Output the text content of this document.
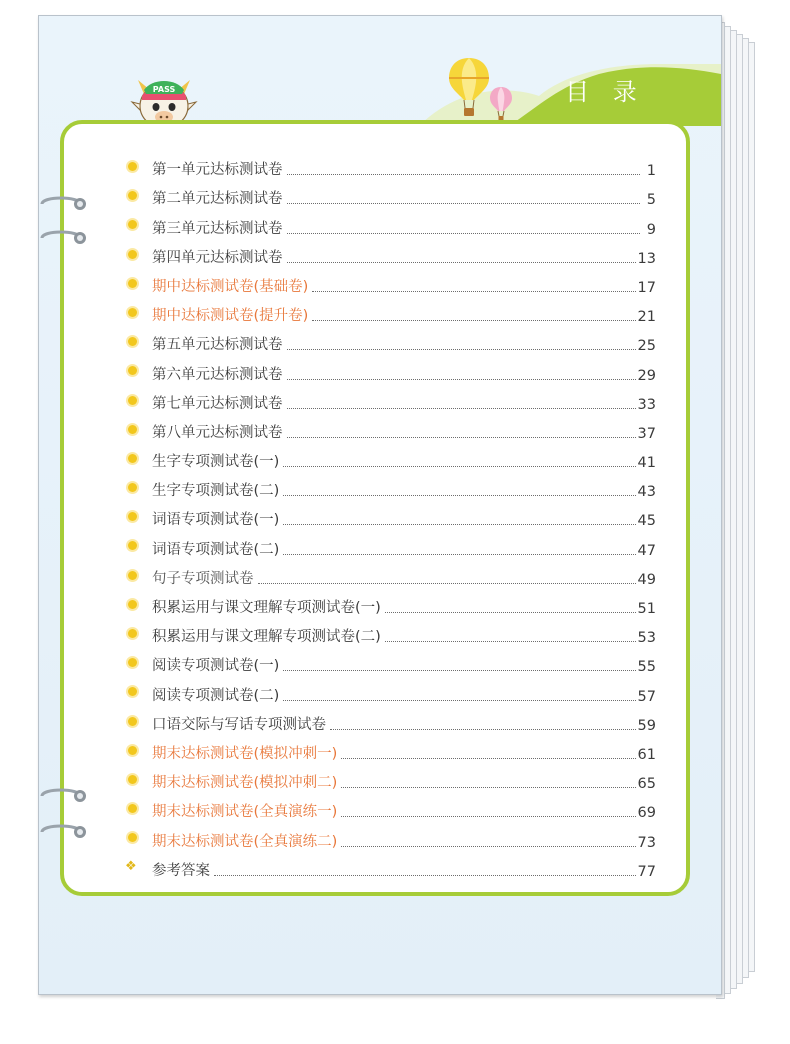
目 录
PASS
第一单元达标测试卷	1
第二单元达标测试卷	5
第三单元达标测试卷	9
第四单元达标测试卷	13
期中达标测试卷(基础卷)	17
期中达标测试卷(提升卷)	21
第五单元达标测试卷	25
第六单元达标测试卷	29
第七单元达标测试卷	33
第八单元达标测试卷	37
生字专项测试卷(一)	41
生字专项测试卷(二)	43
词语专项测试卷(一)	45
词语专项测试卷(二)	47
句子专项测试卷	49
积累运用与课文理解专项测试卷(一)	51
积累运用与课文理解专项测试卷(二)	53
阅读专项测试卷(一)	55
阅读专项测试卷(二)	57
口语交际与写话专项测试卷	59
期末达标测试卷(模拟冲刺一)	61
期末达标测试卷(模拟冲刺二)	65
期末达标测试卷(全真演练一)	69
期末达标测试卷(全真演练二)	73
❖	参考答案	77
